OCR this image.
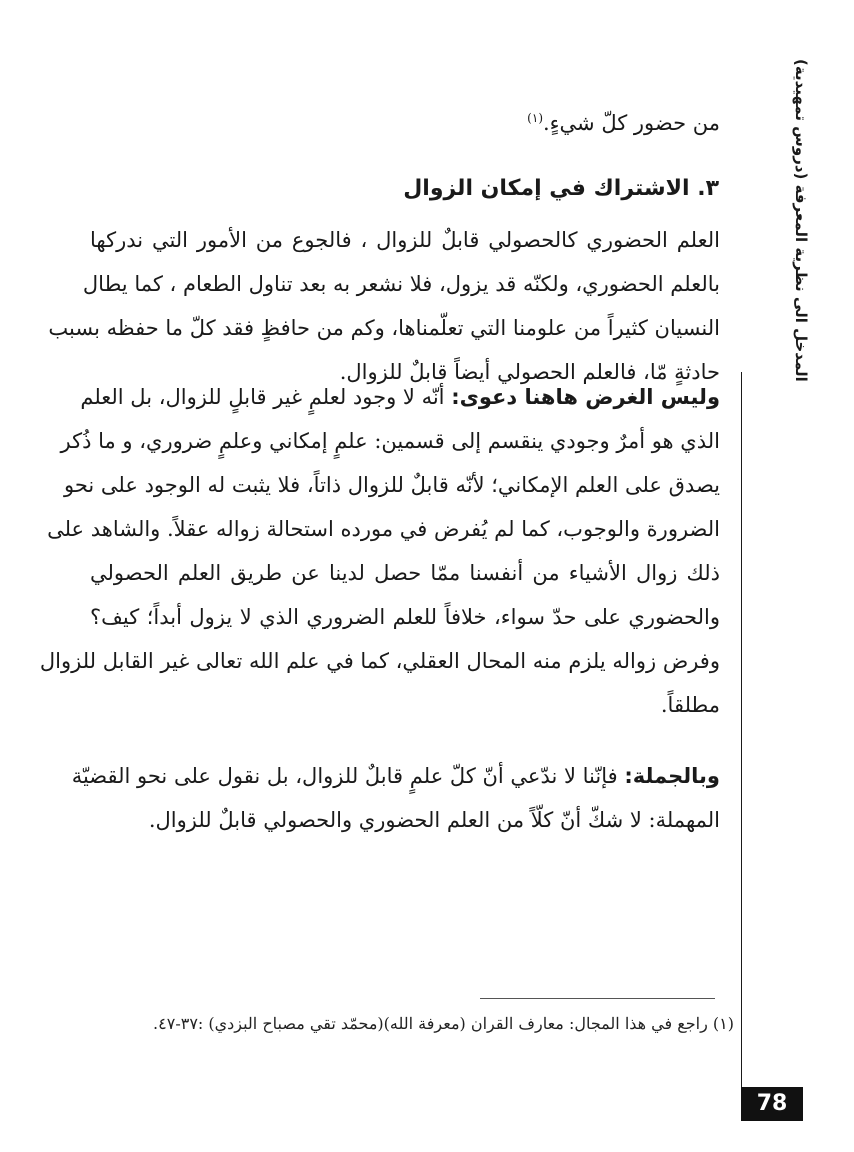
المدخل الى نظرية المعرفة (دروس تمهيدية)
من حضور كلّ شيءٍ.$^{(١)}$
٣. الاشتراك في إمكان الزوال
العلم الحضوري كالحصولي قابلٌ للزوال ، فالجوع من الأمور التي ندركها
بالعلم الحضوري، ولكنّه قد يزول، فلا نشعر به بعد تناول الطعام ، كما يطال
النسيان كثيراً من علومنا التي تعلّمناها، وكم من حافظٍ فقد كلّ ما حفظه بسبب
حادثةٍ مّا، فالعلم الحصولي أيضاً قابلٌ للزوال.
وليس الغرض هاهنا دعوى: أنّه لا وجود لعلمٍ غير قابلٍ للزوال، بل العلم
الذي هو أمرٌ وجودي ينقسم إلى قسمين: علمٍ إمكاني وعلمٍ ضروري، و ما ذُكر
يصدق على العلم الإمكاني؛ لأنّه قابلٌ للزوال ذاتاً، فلا يثبت له الوجود على نحو
الضرورة والوجوب، كما لم يُفرض في مورده استحالة زواله عقلاً. والشاهد على
ذلك زوال الأشياء من أنفسنا ممّا حصل لدينا عن طريق العلم الحصولي
والحضوري على حدّ سواء، خلافاً للعلم الضروري الذي لا يزول أبداً؛ كيف؟
وفرض زواله يلزم منه المحال العقلي، كما في علم الله تعالى غير القابل للزوال
مطلقاً.
وبالجملة: فإنّنا لا ندّعي أنّ كلّ علمٍ قابلٌ للزوال، بل نقول على نحو القضيّة
المهملة: لا شكّ أنّ كلّاً من العلم الحضوري والحصولي قابلٌ للزوال.
(١) راجع في هذا المجال: معارف القران (معرفة الله)(محمّد تقي مصباح البزدي) :٣٧-٤٧.
78
